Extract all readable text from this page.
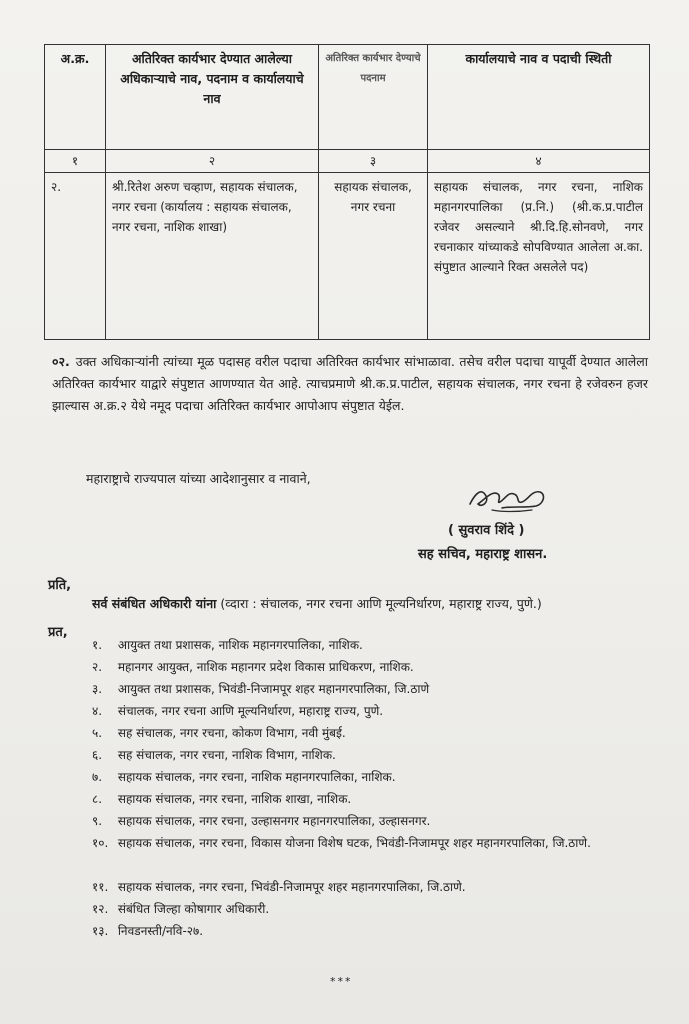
अ.क्र.	अतिरिक्त कार्यभार देण्यात आलेल्या अधिकाऱ्याचे नाव, पदनाम व कार्यालयाचे नाव	अतिरिक्त कार्यभार देण्याचे पदनाम	कार्यालयाचे नाव व पदाची स्थिती
१	२	३	४
२.	श्री.रितेश अरुण चव्हाण, सहायक संचालक, नगर रचना (कार्यालय : सहायक संचालक, नगर रचना, नाशिक शाखा)	सहायक संचालक, नगर रचना	सहायक संचालक, नगर रचना, नाशिक महानगरपालिका (प्र.नि.) (श्री.क.प्र.पाटील रजेवर असल्याने श्री.दि.हि.सोनवणे, नगर रचनाकार यांच्याकडे सोपविण्यात आलेला अ.का. संपुष्टात आल्याने रिक्त असलेले पद)

०२. उक्त अधिकाऱ्यांनी त्यांच्या मूळ पदासह वरील पदाचा अतिरिक्त कार्यभार सांभाळावा. तसेच वरील पदाचा यापूर्वी देण्यात आलेला अतिरिक्त कार्यभार याद्वारे संपुष्टात आणण्यात येत आहे. त्याचप्रमाणे श्री.क.प्र.पाटील, सहायक संचालक, नगर रचना हे रजेवरुन हजर झाल्यास अ.क्र.२ येथे नमूद पदाचा अतिरिक्त कार्यभार आपोआप संपुष्टात येईल.

महाराष्ट्राचे राज्यपाल यांच्या आदेशानुसार व नावाने,
( सुवराव शिंदे )
सह सचिव, महाराष्ट्र शासन.
प्रति,
सर्व संबंधित अधिकारी यांना (व्दारा : संचालक, नगर रचना आणि मूल्यनिर्धारण, महाराष्ट्र राज्य, पुणे.)
प्रत,
१. आयुक्त तथा प्रशासक, नाशिक महानगरपालिका, नाशिक.
२. महानगर आयुक्त, नाशिक महानगर प्रदेश विकास प्राधिकरण, नाशिक.
३. आयुक्त तथा प्रशासक, भिवंडी-निजामपूर शहर महानगरपालिका, जि.ठाणे
४. संचालक, नगर रचना आणि मूल्यनिर्धारण, महाराष्ट्र राज्य, पुणे.
५. सह संचालक, नगर रचना, कोकण विभाग, नवी मुंबई.
६. सह संचालक, नगर रचना, नाशिक विभाग, नाशिक.
७. सहायक संचालक, नगर रचना, नाशिक महानगरपालिका, नाशिक.
८. सहायक संचालक, नगर रचना, नाशिक शाखा, नाशिक.
९. सहायक संचालक, नगर रचना, उल्हासनगर महानगरपालिका, उल्हासनगर.
१०. सहायक संचालक, नगर रचना, विकास योजना विशेष घटक, भिवंडी-निजामपूर शहर महानगरपालिका, जि.ठाणे.
११. सहायक संचालक, नगर रचना, भिवंडी-निजामपूर शहर महानगरपालिका, जि.ठाणे.
१२. संबंधित जिल्हा कोषागार अधिकारी.
१३. निवडनस्ती/नवि-२७.
***
